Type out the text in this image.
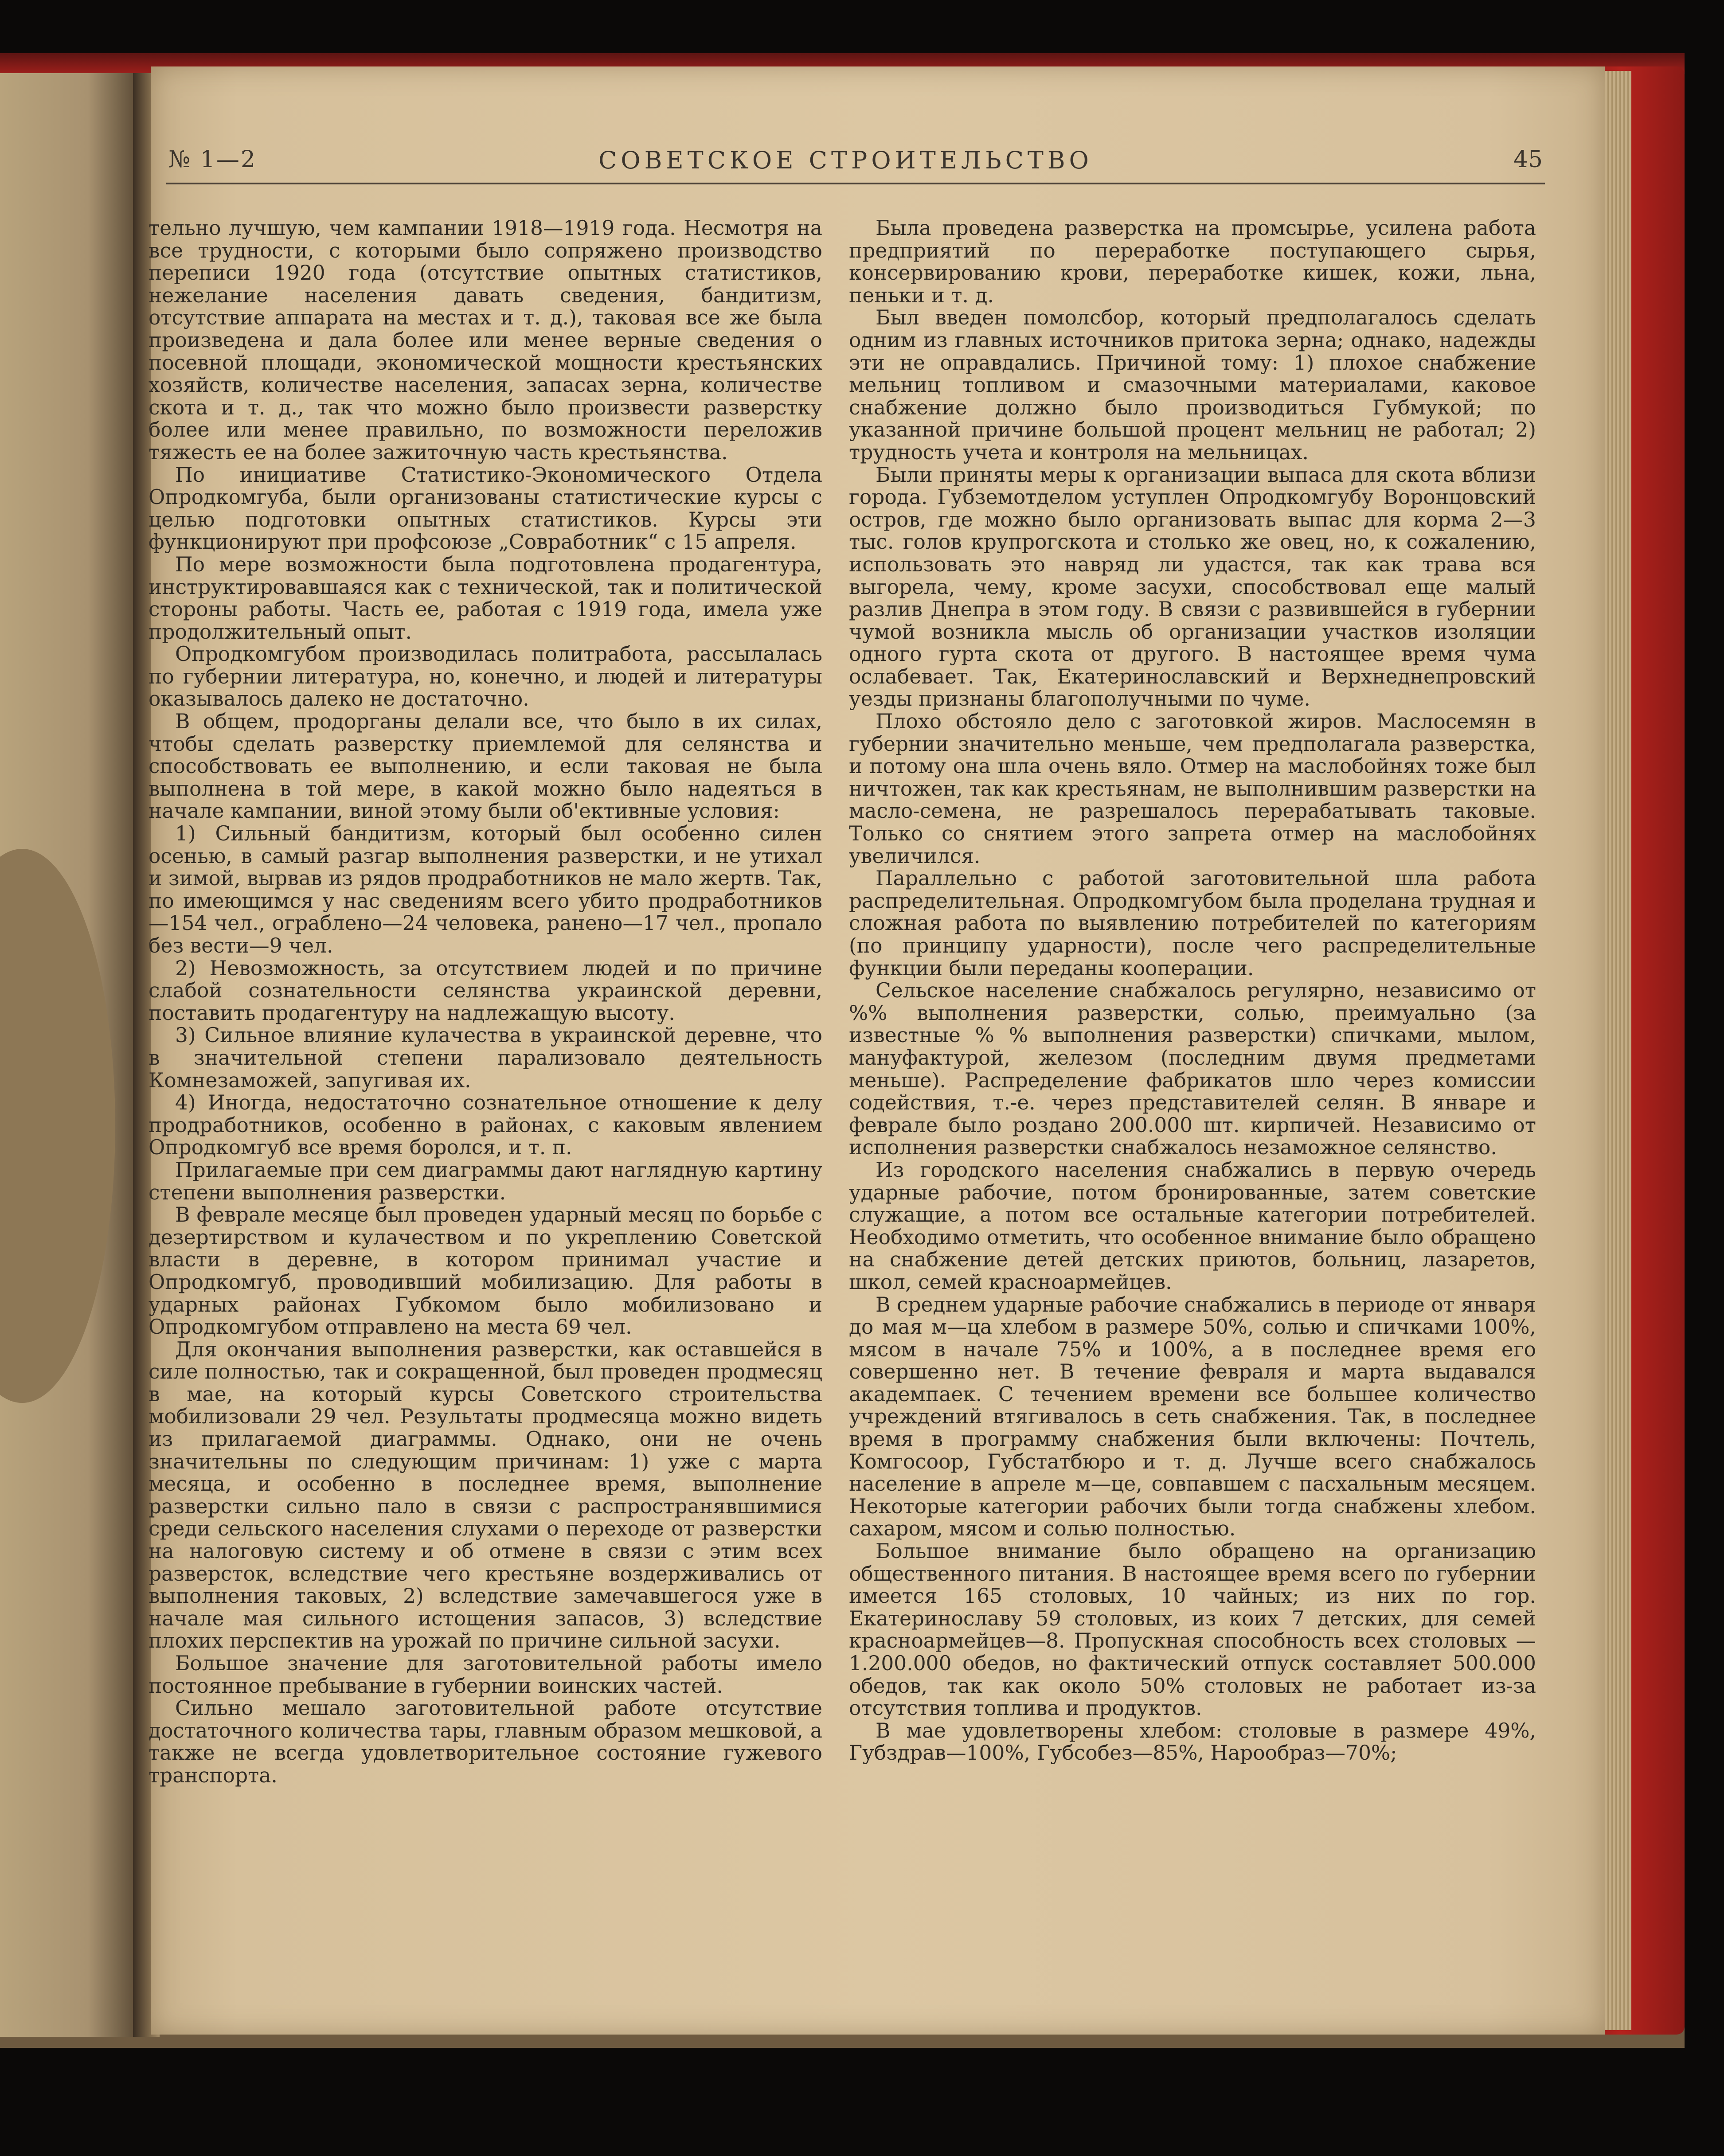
№ 1—2	СОВЕТСКОЕ СТРОИТЕЛЬСТВО	45

тельно лучшую, чем кампании 1918—1919 года. Несмотря на все трудности, с которыми было сопряжено производство переписи 1920 года (отсутствие опытных статистиков, нежелание населения давать сведения, бандитизм, отсутствие аппарата на местах и т. д.), таковая все же была произведена и дала более или менее верные сведения о посевной площади, экономической мощности крестьянских хозяйств, количестве населения, запасах зерна, количестве скота и т. д., так что можно было произвести разверстку более или менее правильно, по возможности переложив тяжесть ее на более зажиточную часть крестьянства.

По инициативе Статистико-Экономического Отдела Опродкомгуба, были организованы статистические курсы с целью подготовки опытных статистиков. Курсы эти функционируют при профсоюзе „Совработник“ с 15 апреля.

По мере возможности была подготовлена продагентура, инструктировавшаяся как с технической, так и политической стороны работы. Часть ее, работая с 1919 года, имела уже продолжительный опыт.

Опродкомгубом производилась политработа, рассылалась по губернии литература, но, конечно, и людей и литературы оказывалось далеко не достаточно.

В общем, продорганы делали все, что было в их силах, чтобы сделать разверстку приемлемой для селянства и способствовать ее выполнению, и если таковая не была выполнена в той мере, в какой можно было надеяться в начале кампании, виной этому были об'ективные условия:

1) Сильный бандитизм, который был особенно силен осенью, в самый разгар выполнения разверстки, и не утихал и зимой, вырвав из рядов продработников не мало жертв. Так, по имеющимся у нас сведениям всего убито продработников—154 чел., ограблено—24 человека, ранено—17 чел., пропало без вести—9 чел.

2) Невозможность, за отсутствием людей и по причине слабой сознательности селянства украинской деревни, поставить продагентуру на надлежащую высоту.

3) Сильное влияние кулачества в украинской деревне, что в значительной степени парализовало деятельность Комнезаможей, запугивая их.

4) Иногда, недостаточно сознательное отношение к делу продработников, особенно в районах, с каковым явлением Опродкомгуб все время боролся, и т. п.

Прилагаемые при сем диаграммы дают наглядную картину степени выполнения разверстки.

В феврале месяце был проведен ударный месяц по борьбе с дезертирством и кулачеством и по укреплению Советской власти в деревне, в котором принимал участие и Опродкомгуб, проводивший мобилизацию. Для работы в ударных районах Губкомом было мобилизовано и Опродкомгубом отправлено на места 69 чел.

Для окончания выполнения разверстки, как оставшейся в силе полностью, так и сокращенной, был проведен продмесяц в мае, на который курсы Советского строительства мобилизовали 29 чел. Результаты продмесяца можно видеть из прилагаемой диаграммы. Однако, они не очень значительны по следующим причинам: 1) уже с марта месяца, и особенно в последнее время, выполнение разверстки сильно пало в связи с распространявшимися среди сельского населения слухами о переходе от разверстки на налоговую систему и об отмене в связи с этим всех разверсток, вследствие чего крестьяне воздерживались от выполнения таковых, 2) вследствие замечавшегося уже в начале мая сильного истощения запасов, 3) вследствие плохих перспектив на урожай по причине сильной засухи.

Большое значение для заготовительной работы имело постоянное пребывание в губернии воинских частей.

Сильно мешало заготовительной работе отсутствие достаточного количества тары, главным образом мешковой, а также не всегда удовлетворительное состояние гужевого транспорта.

Была проведена разверстка на промсырье, усилена работа предприятий по переработке поступающего сырья, консервированию крови, переработке кишек, кожи, льна, пеньки и т. д.

Был введен помолсбор, который предполагалось сделать одним из главных источников притока зерна; однако, надежды эти не оправдались. Причиной тому: 1) плохое снабжение мельниц топливом и смазочными материалами, каковое снабжение должно было производиться Губмукой; по указанной причине большой процент мельниц не работал; 2) трудность учета и контроля на мельницах.

Были приняты меры к организации выпаса для скота вблизи города. Губземотделом уступлен Опродкомгубу Воронцовский остров, где можно было организовать выпас для корма 2—3 тыс. голов крупрогскота и столько же овец, но, к сожалению, использовать это навряд ли удастся, так как трава вся выгорела, чему, кроме засухи, способствовал еще малый разлив Днепра в этом году. В связи с развившейся в губернии чумой возникла мысль об организации участков изоляции одного гурта скота от другого. В настоящее время чума ослабевает. Так, Екатеринославский и Верхнеднепровский уезды признаны благополучными по чуме.

Плохо обстояло дело с заготовкой жиров. Маслосемян в губернии значительно меньше, чем предполагала разверстка, и потому она шла очень вяло. Отмер на маслобойнях тоже был ничтожен, так как крестьянам, не выполнившим разверстки на масло-семена, не разрешалось перерабатывать таковые. Только со снятием этого запрета отмер на маслобойнях увеличился.

Параллельно с работой заготовительной шла работа распределительная. Опродкомгубом была проделана трудная и сложная работа по выявлению потребителей по категориям (по принципу ударности), после чего распределительные функции были переданы кооперации.

Сельское население снабжалось регулярно, независимо от %% выполнения разверстки, солью, преимуально (за известные % % выполнения разверстки) спичками, мылом, мануфактурой, железом (последним двумя предметами меньше). Распределение фабрикатов шло через комиссии содействия, т.-е. через представителей селян. В январе и феврале было роздано 200.000 шт. кирпичей. Независимо от исполнения разверстки снабжалось незаможное селянство.

Из городского населения снабжались в первую очередь ударные рабочие, потом бронированные, затем советские служащие, а потом все остальные категории потребителей. Необходимо отметить, что особенное внимание было обращено на снабжение детей детских приютов, больниц, лазаретов, школ, семей красноармейцев.

В среднем ударные рабочие снабжались в периоде от января до мая м—ца хлебом в размере 50%, солью и спичками 100%, мясом в начале 75% и 100%, а в последнее время его совершенно нет. В течение февраля и марта выдавался академпаек. С течением времени все большее количество учреждений втягивалось в сеть снабжения. Так, в последнее время в программу снабжения были включены: Почтель, Комгосоор, Губстатбюро и т. д. Лучше всего снабжалось население в апреле м—це, совпавшем с пасхальным месяцем. Некоторые категории рабочих были тогда снабжены хлебом. сахаром, мясом и солью полностью.

Большое внимание было обращено на организацию общественного питания. В настоящее время всего по губернии имеется 165 столовых, 10 чайных; из них по гор. Екатеринославу 59 столовых, из коих 7 детских, для семей красноармейцев—8. Пропускная способность всех столовых — 1.200.000 обедов, но фактический отпуск составляет 500.000 обедов, так как около 50% столовых не работает из-за отсутствия топлива и продуктов.

В мае удовлетворены хлебом: столовые в размере 49%, Губздрав—100%, Губсобез—85%, Нарообраз—70%;
